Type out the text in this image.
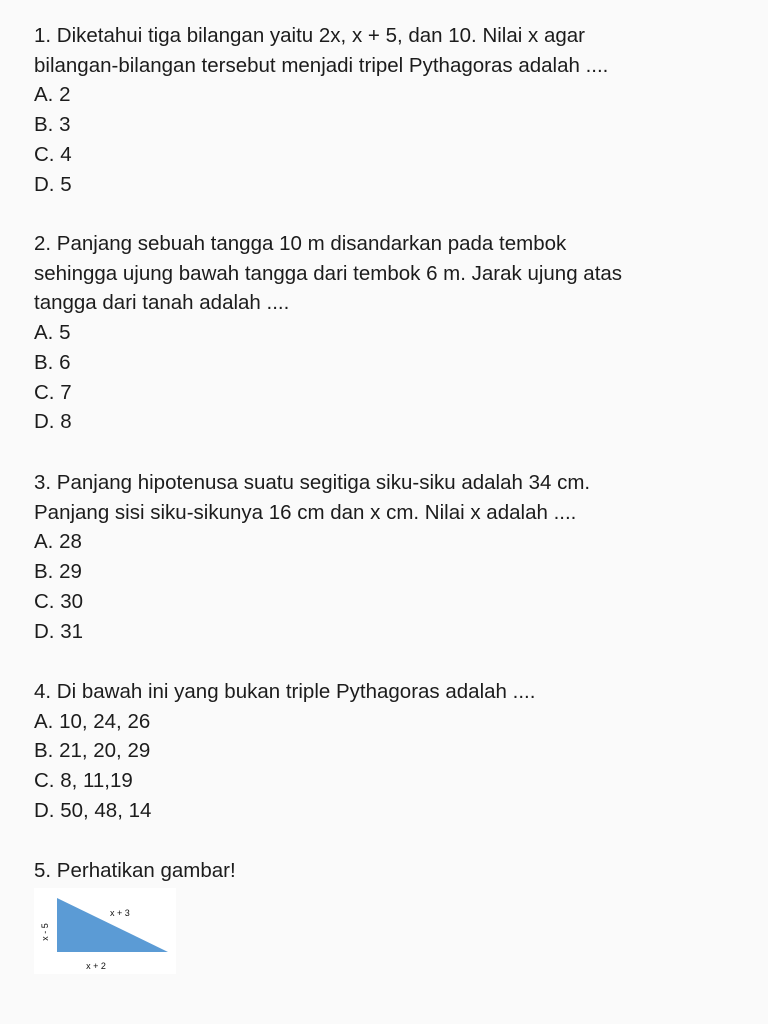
1. Diketahui tiga bilangan yaitu 2x, x + 5, dan 10. Nilai x agar

bilangan-bilangan tersebut menjadi tripel Pythagoras adalah ....

A. 2

B. 3

C. 4

D. 5

2. Panjang sebuah tangga 10 m disandarkan pada tembok

sehingga ujung bawah tangga dari tembok 6 m. Jarak ujung atas

tangga dari tanah adalah ....

A. 5

B. 6

C. 7

D. 8

3. Panjang hipotenusa suatu segitiga siku-siku adalah 34 cm.

Panjang sisi siku-sikunya 16 cm dan x cm. Nilai x adalah ....

A. 28

B. 29

C. 30

D. 31

4. Di bawah ini yang bukan triple Pythagoras adalah ....

A. 10, 24, 26

B. 21, 20, 29

C. 8, 11,19

D. 50, 48, 14

5. Perhatikan gambar!

x + 3
x - 5
x + 2
